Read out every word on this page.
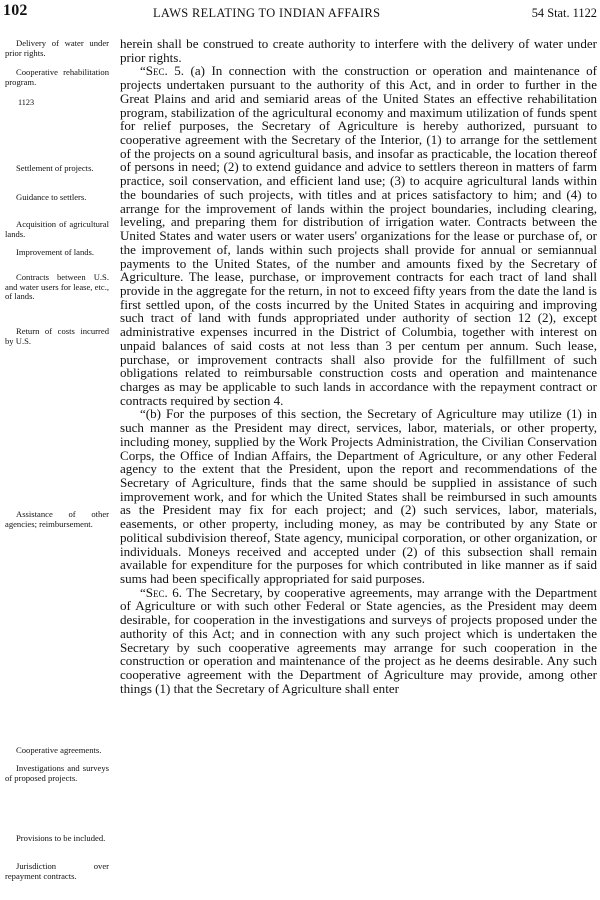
102	LAWS RELATING TO INDIAN AFFAIRS	54 Stat. 1122
Delivery of water under prior rights.
Cooperative rehabilitation program.
1123
Settlement of projects.
Guidance to settlers.
Acquisition of agricultural lands.
Improvement of lands.
Contracts between U.S. and water users for lease, etc., of lands.
Return of costs incurred by U.S.
Assistance of other agencies; reimbursement.
Cooperative agreements.
Investigations and surveys of proposed projects.
Provisions to be included.
Jurisdiction over repayment contracts.

herein shall be construed to create authority to interfere with the delivery of water under prior rights.

“Sec. 5. (a) In connection with the construction or operation and maintenance of projects undertaken pursuant to the authority of this Act, and in order to further in the Great Plains and arid and semiarid areas of the United States an effective rehabilitation program, stabilization of the agricultural economy and maximum utilization of funds spent for relief purposes, the Secretary of Agriculture is hereby authorized, pursuant to cooperative agreement with the Secretary of the Interior, (1) to arrange for the settlement of the projects on a sound agricultural basis, and insofar as practicable, the location thereof of persons in need; (2) to extend guidance and advice to settlers thereon in matters of farm practice, soil conservation, and efficient land use; (3) to acquire agricultural lands within the boundaries of such projects, with titles and at prices satisfactory to him; and (4) to arrange for the improvement of lands within the project boundaries, including clearing, leveling, and preparing them for distribution of irrigation water. Contracts between the United States and water users or water users' organizations for the lease or purchase of, or the improvement of, lands within such projects shall provide for annual or semiannual payments to the United States, of the number and amounts fixed by the Secretary of Agriculture. The lease, purchase, or improvement contracts for each tract of land shall provide in the aggregate for the return, in not to exceed fifty years from the date the land is first settled upon, of the costs incurred by the United States in acquiring and improving such tract of land with funds appropriated under authority of section 12 (2), except administrative expenses incurred in the District of Columbia, together with interest on unpaid balances of said costs at not less than 3 per centum per annum. Such lease, purchase, or improvement contracts shall also provide for the fulfillment of such obligations related to reimbursable construction costs and operation and maintenance charges as may be applicable to such lands in accordance with the repayment contract or contracts required by section 4.

“(b) For the purposes of this section, the Secretary of Agriculture may utilize (1) in such manner as the President may direct, services, labor, materials, or other property, including money, supplied by the Work Projects Administration, the Civilian Conservation Corps, the Office of Indian Affairs, the Department of Agriculture, or any other Federal agency to the extent that the President, upon the report and recommendations of the Secretary of Agriculture, finds that the same should be supplied in assistance of such improvement work, and for which the United States shall be reimbursed in such amounts as the President may fix for each project; and (2) such services, labor, materials, easements, or other property, including money, as may be contributed by any State or political subdivision thereof, State agency, municipal corporation, or other organization, or individuals. Moneys received and accepted under (2) of this subsection shall remain available for expenditure for the purposes for which contributed in like manner as if said sums had been specifically appropriated for said purposes.

“Sec. 6. The Secretary, by cooperative agreements, may arrange with the Department of Agriculture or with such other Federal or State agencies, as the President may deem desirable, for cooperation in the investigations and surveys of projects proposed under the authority of this Act; and in connection with any such project which is undertaken the Secretary by such cooperative agreements may arrange for such cooperation in the construction or operation and maintenance of the project as he deems desirable. Any such cooperative agreement with the Department of Agriculture may provide, among other things (1) that the Secretary of Agriculture shall enter
